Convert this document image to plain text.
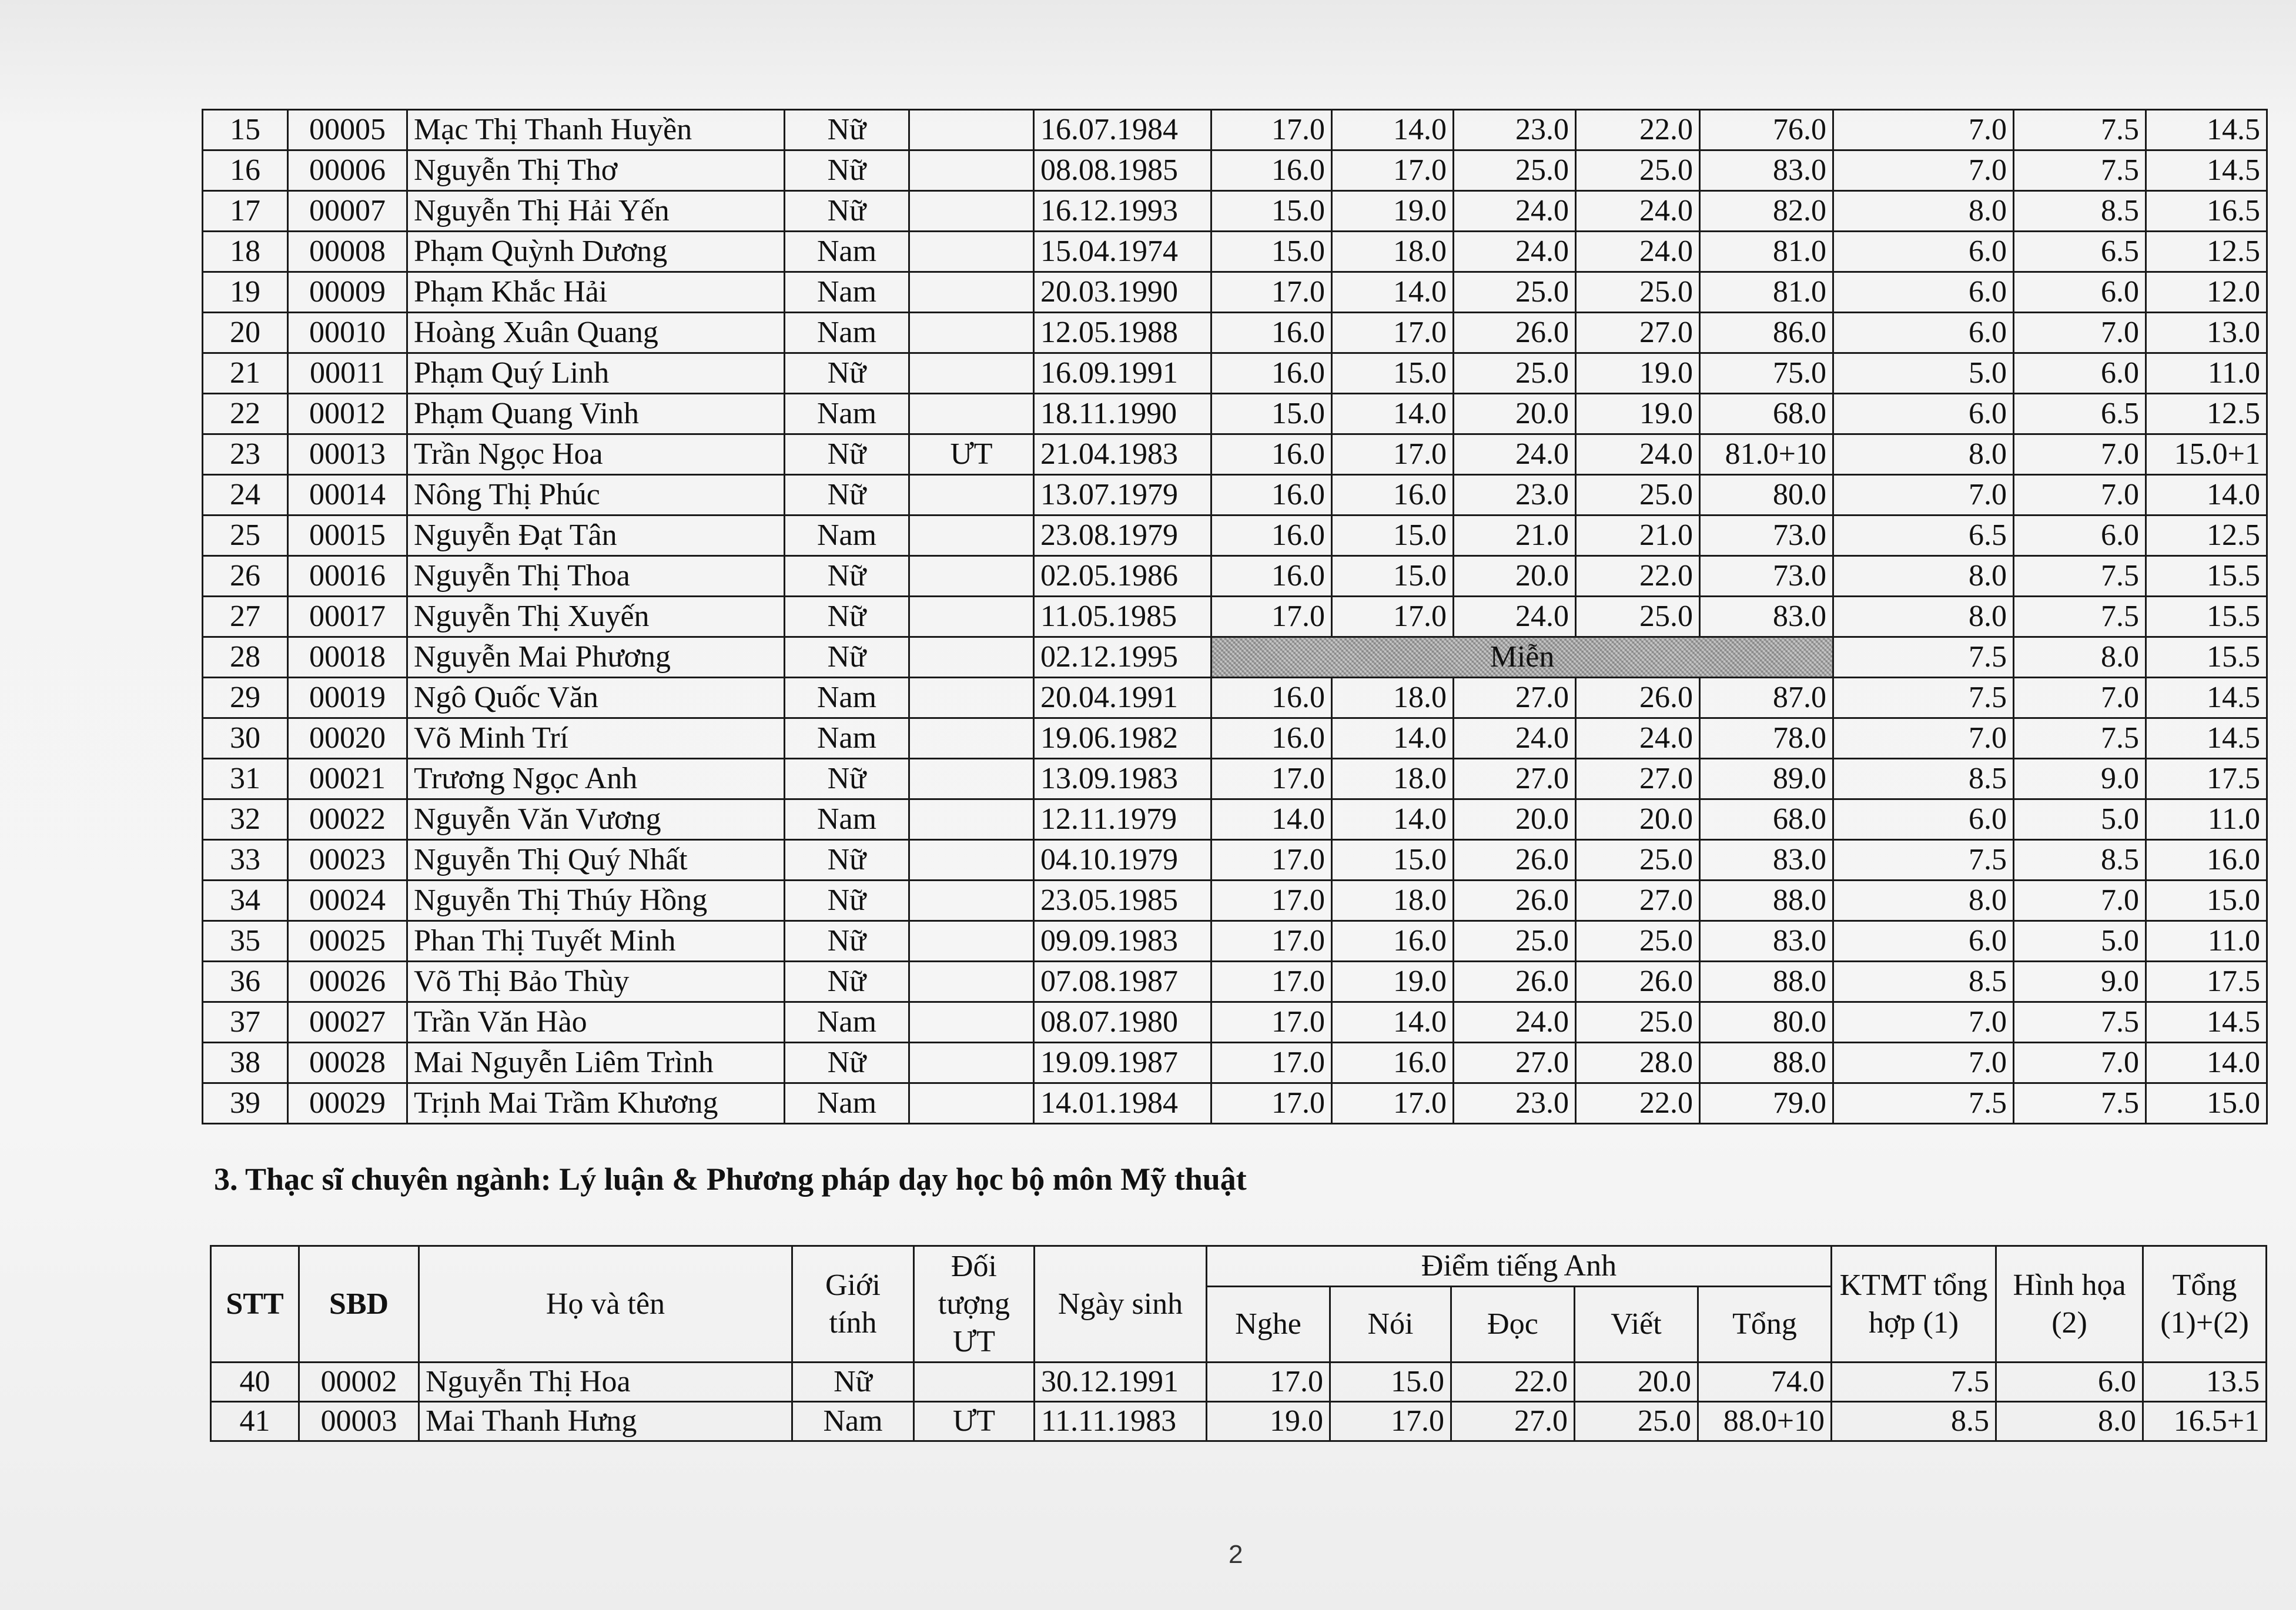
15	00005	Mạc Thị Thanh Huyền	Nữ		16.07.1984	17.0	14.0	23.0	22.0	76.0	7.0	7.5	14.5
16	00006	Nguyễn Thị Thơ	Nữ		08.08.1985	16.0	17.0	25.0	25.0	83.0	7.0	7.5	14.5
17	00007	Nguyễn Thị Hải Yến	Nữ		16.12.1993	15.0	19.0	24.0	24.0	82.0	8.0	8.5	16.5
18	00008	Phạm Quỳnh Dương	Nam		15.04.1974	15.0	18.0	24.0	24.0	81.0	6.0	6.5	12.5
19	00009	Phạm Khắc Hải	Nam		20.03.1990	17.0	14.0	25.0	25.0	81.0	6.0	6.0	12.0
20	00010	Hoàng Xuân Quang	Nam		12.05.1988	16.0	17.0	26.0	27.0	86.0	6.0	7.0	13.0
21	00011	Phạm Quý Linh	Nữ		16.09.1991	16.0	15.0	25.0	19.0	75.0	5.0	6.0	11.0
22	00012	Phạm Quang Vinh	Nam		18.11.1990	15.0	14.0	20.0	19.0	68.0	6.0	6.5	12.5
23	00013	Trần Ngọc Hoa	Nữ	ƯT	21.04.1983	16.0	17.0	24.0	24.0	81.0+10	8.0	7.0	15.0+1
24	00014	Nông Thị Phúc	Nữ		13.07.1979	16.0	16.0	23.0	25.0	80.0	7.0	7.0	14.0
25	00015	Nguyễn Đạt Tân	Nam		23.08.1979	16.0	15.0	21.0	21.0	73.0	6.5	6.0	12.5
26	00016	Nguyễn Thị Thoa	Nữ		02.05.1986	16.0	15.0	20.0	22.0	73.0	8.0	7.5	15.5
27	00017	Nguyễn Thị Xuyến	Nữ		11.05.1985	17.0	17.0	24.0	25.0	83.0	8.0	7.5	15.5
28	00018	Nguyễn Mai Phương	Nữ		02.12.1995	Miễn					7.5	8.0	15.5
29	00019	Ngô Quốc Văn	Nam		20.04.1991	16.0	18.0	27.0	26.0	87.0	7.5	7.0	14.5
30	00020	Võ Minh Trí	Nam		19.06.1982	16.0	14.0	24.0	24.0	78.0	7.0	7.5	14.5
31	00021	Trương Ngọc Anh	Nữ		13.09.1983	17.0	18.0	27.0	27.0	89.0	8.5	9.0	17.5
32	00022	Nguyễn Văn Vương	Nam		12.11.1979	14.0	14.0	20.0	20.0	68.0	6.0	5.0	11.0
33	00023	Nguyễn Thị Quý Nhất	Nữ		04.10.1979	17.0	15.0	26.0	25.0	83.0	7.5	8.5	16.0
34	00024	Nguyễn Thị Thúy Hồng	Nữ		23.05.1985	17.0	18.0	26.0	27.0	88.0	8.0	7.0	15.0
35	00025	Phan Thị Tuyết Minh	Nữ		09.09.1983	17.0	16.0	25.0	25.0	83.0	6.0	5.0	11.0
36	00026	Võ Thị Bảo Thùy	Nữ		07.08.1987	17.0	19.0	26.0	26.0	88.0	8.5	9.0	17.5
37	00027	Trần Văn Hào	Nam		08.07.1980	17.0	14.0	24.0	25.0	80.0	7.0	7.5	14.5
38	00028	Mai Nguyễn Liêm Trình	Nữ		19.09.1987	17.0	16.0	27.0	28.0	88.0	7.0	7.0	14.0
39	00029	Trịnh Mai Trầm Khương	Nam		14.01.1984	17.0	17.0	23.0	22.0	79.0	7.5	7.5	15.0
3. Thạc sĩ chuyên ngành: Lý luận & Phương pháp dạy học bộ môn Mỹ thuật
STT	SBD	Họ và tên	Giới tính	Đối tượng ƯT	Ngày sinh	Điểm tiếng Anh					KTMT tổng hợp (1)	Hình họa (2)	Tổng (1)+(2)
						Nghe	Nói	Đọc	Viết	Tổng			
40	00002	Nguyễn Thị Hoa	Nữ		30.12.1991	17.0	15.0	22.0	20.0	74.0	7.5	6.0	13.5
41	00003	Mai Thanh Hưng	Nam	ƯT	11.11.1983	19.0	17.0	27.0	25.0	88.0+10	8.5	8.0	16.5+1
2
